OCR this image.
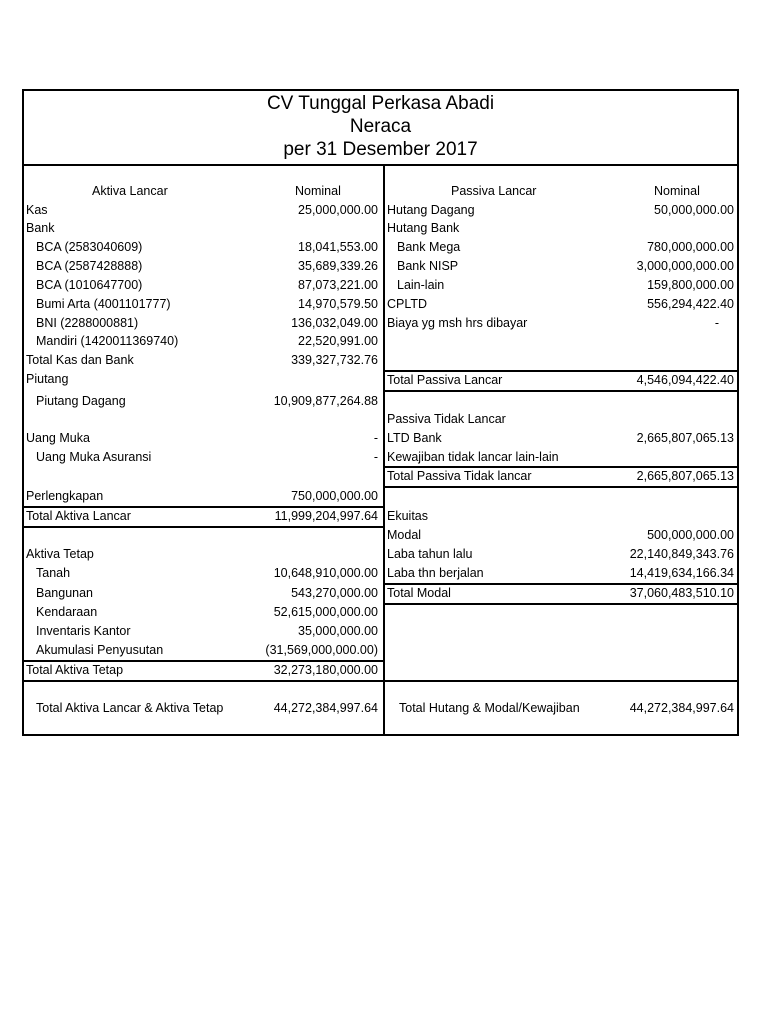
CV Tunggal Perkasa Abadi
Neraca
per 31 Desember 2017
Aktiva Lancar	Nominal
Kas	25,000,000.00
Bank
BCA (2583040609)	18,041,553.00
BCA (2587428888)	35,689,339.26
BCA (1010647700)	87,073,221.00
Bumi Arta (4001101777)	14,970,579.50
BNI (2288000881)	136,032,049.00
Mandiri (1420011369740)	22,520,991.00
Total Kas dan Bank	339,327,732.76
Piutang
Piutang Dagang	10,909,877,264.88
Uang Muka	-
Uang Muka Asuransi	-
Perlengkapan	750,000,000.00
Total Aktiva Lancar	11,999,204,997.64
Aktiva Tetap
Tanah	10,648,910,000.00
Bangunan	543,270,000.00
Kendaraan	52,615,000,000.00
Inventaris Kantor	35,000,000.00
Akumulasi Penyusutan	(31,569,000,000.00)
Total Aktiva Tetap	32,273,180,000.00
Total Aktiva Lancar & Aktiva Tetap	44,272,384,997.64
Passiva Lancar	Nominal
Hutang Dagang	50,000,000.00
Hutang Bank
Bank Mega	780,000,000.00
Bank NISP	3,000,000,000.00
Lain-lain	159,800,000.00
CPLTD	556,294,422.40
Biaya yg msh hrs dibayar	-
Total Passiva Lancar	4,546,094,422.40
Passiva Tidak Lancar
LTD Bank	2,665,807,065.13
Kewajiban tidak lancar lain-lain
Total Passiva Tidak lancar	2,665,807,065.13
Ekuitas
Modal	500,000,000.00
Laba tahun lalu	22,140,849,343.76
Laba thn berjalan	14,419,634,166.34
Total Modal	37,060,483,510.10
Total Hutang & Modal/Kewajiban	44,272,384,997.64
